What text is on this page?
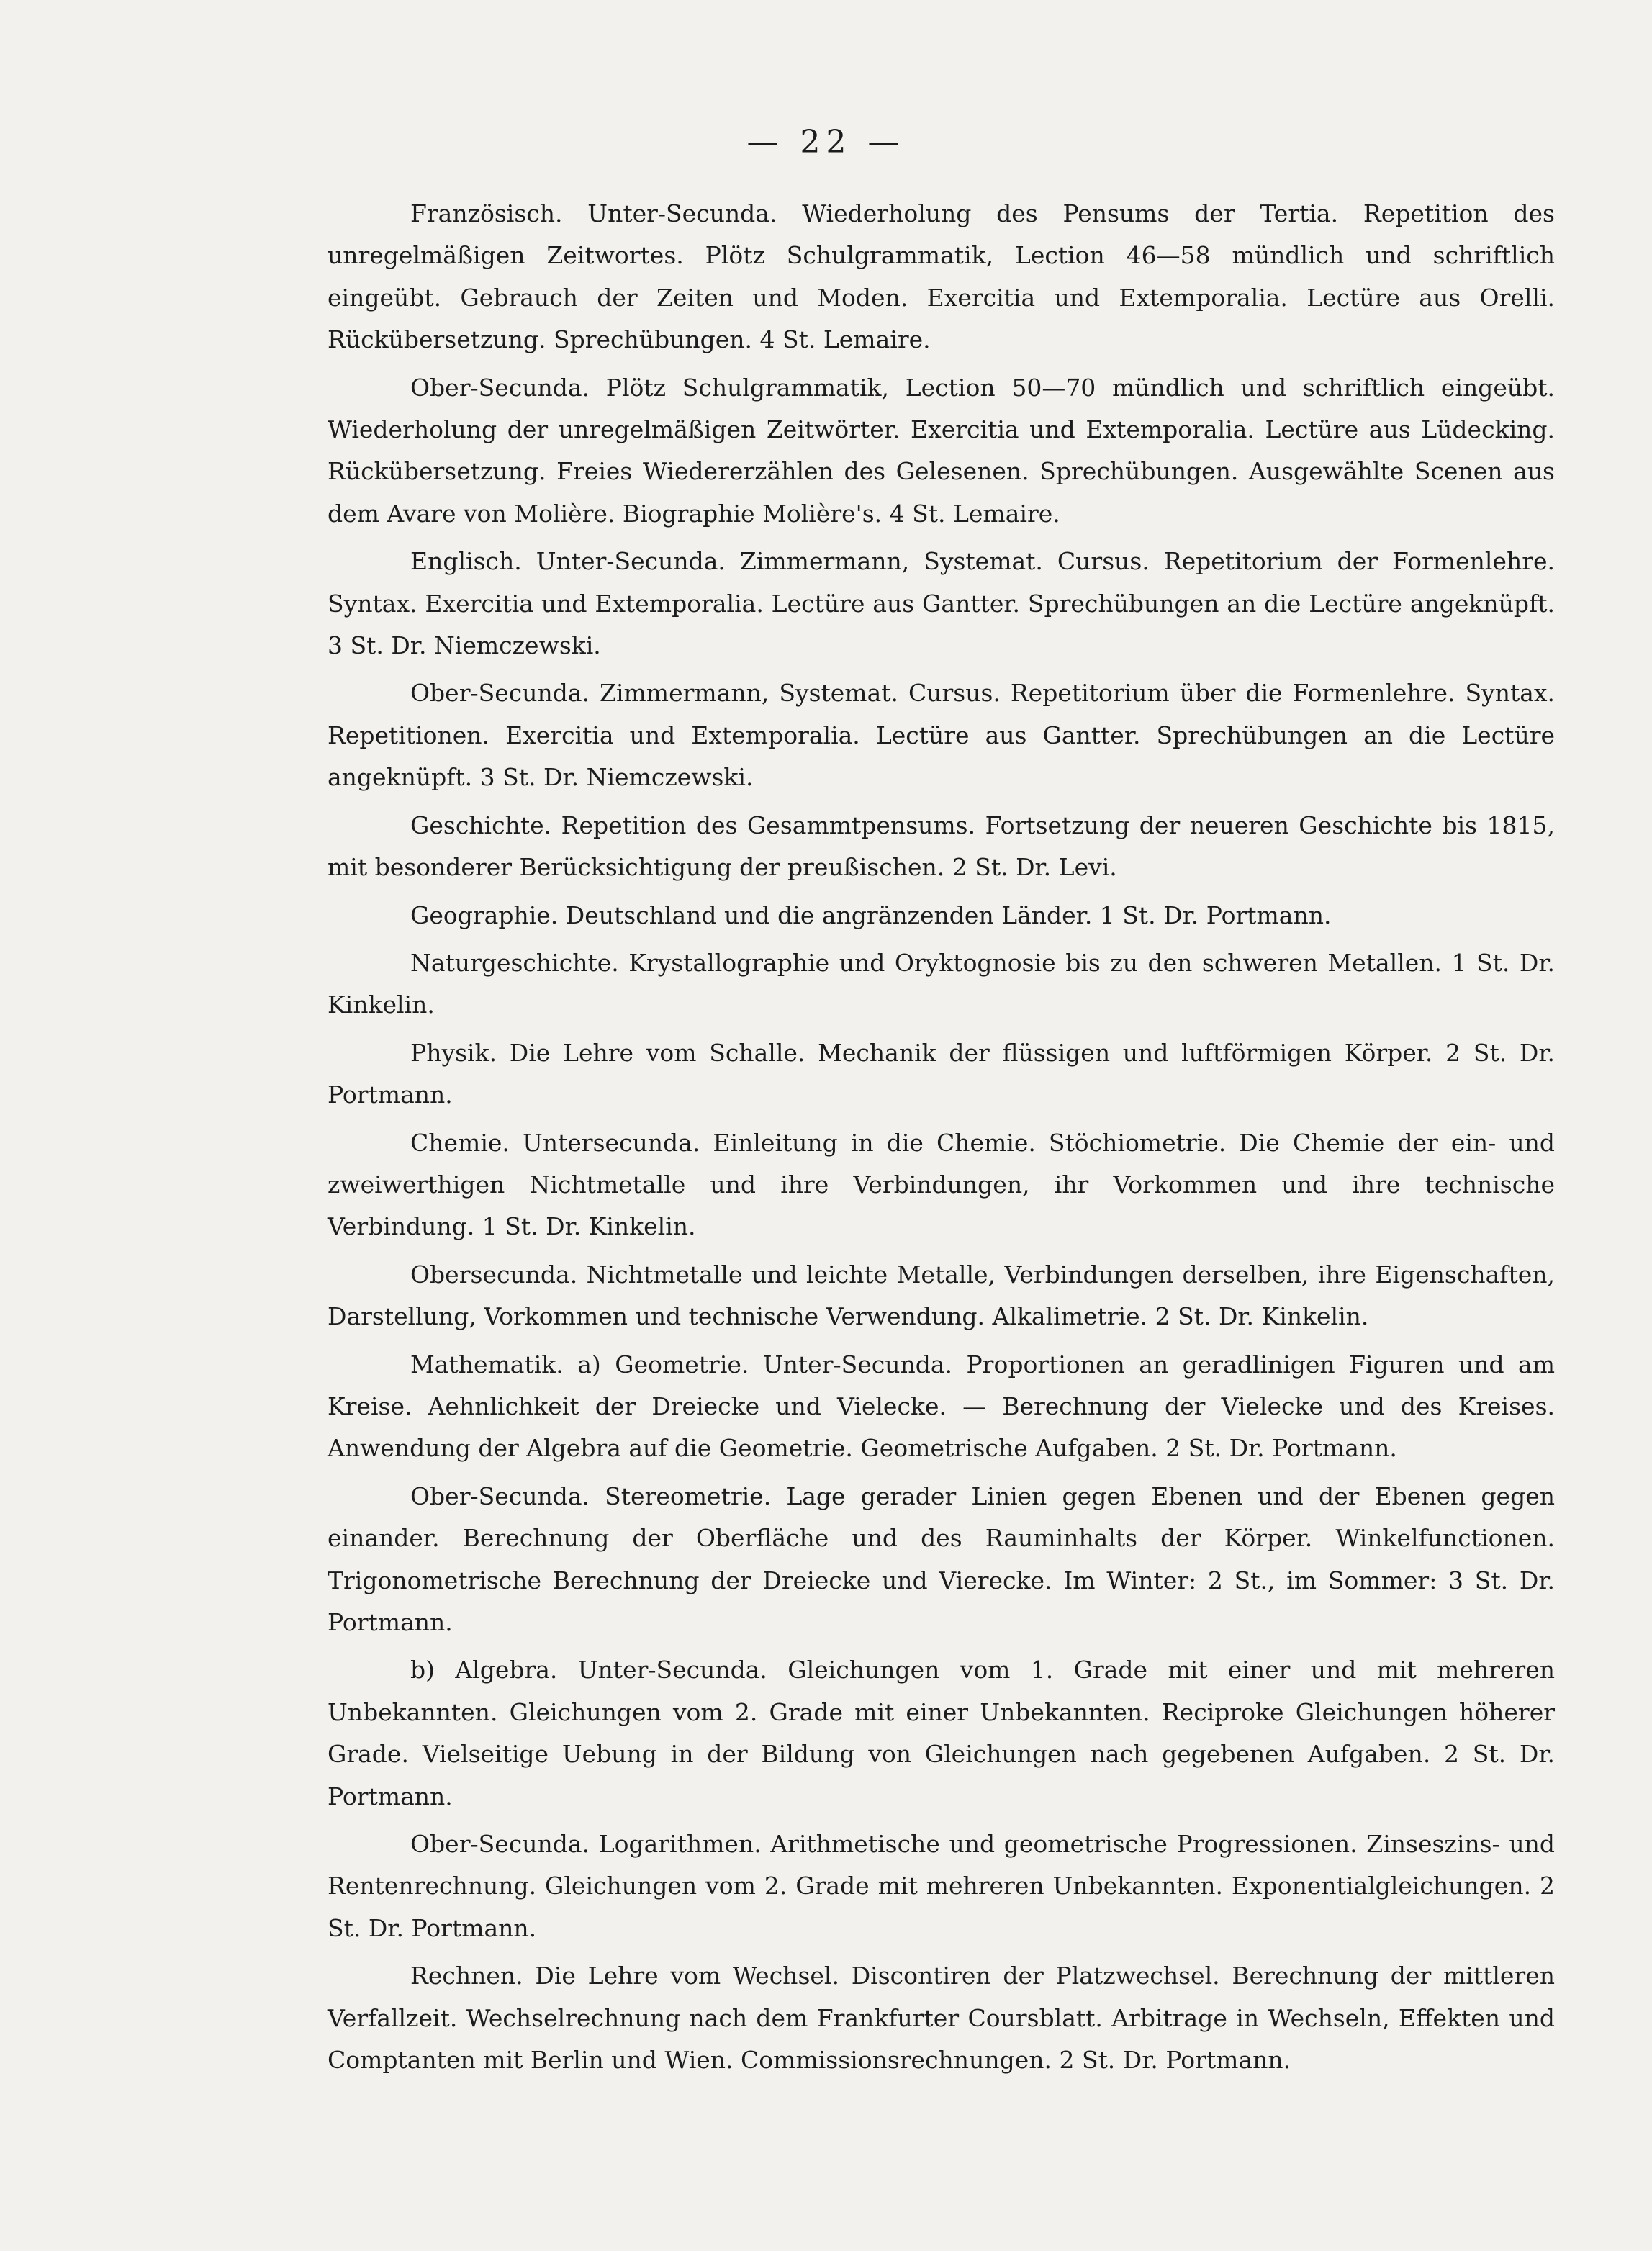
— 22 —

Französisch. Unter-Secunda. Wiederholung des Pensums der Tertia. Repetition des unregelmäßigen Zeitwortes. Plötz Schulgrammatik, Lection 46—58 mündlich und schriftlich eingeübt. Gebrauch der Zeiten und Moden. Exercitia und Extemporalia. Lectüre aus Orelli. Rückübersetzung. Sprechübungen. 4 St. Lemaire.

Ober-Secunda. Plötz Schulgrammatik, Lection 50—70 mündlich und schriftlich eingeübt. Wiederholung der unregelmäßigen Zeitwörter. Exercitia und Extemporalia. Lectüre aus Lüdecking. Rückübersetzung. Freies Wiedererzählen des Gelesenen. Sprechübungen. Ausgewählte Scenen aus dem Avare von Molière. Biographie Molière's. 4 St. Lemaire.

Englisch. Unter-Secunda. Zimmermann, Systemat. Cursus. Repetitorium der Formenlehre. Syntax. Exercitia und Extemporalia. Lectüre aus Gantter. Sprechübungen an die Lectüre angeknüpft. 3 St. Dr. Niemczewski.

Ober-Secunda. Zimmermann, Systemat. Cursus. Repetitorium über die Formenlehre. Syntax. Repetitionen. Exercitia und Extemporalia. Lectüre aus Gantter. Sprechübungen an die Lectüre angeknüpft. 3 St. Dr. Niemczewski.

Geschichte. Repetition des Gesammtpensums. Fortsetzung der neueren Geschichte bis 1815, mit besonderer Berücksichtigung der preußischen. 2 St. Dr. Levi.

Geographie. Deutschland und die angränzenden Länder. 1 St. Dr. Portmann.

Naturgeschichte. Krystallographie und Oryktognosie bis zu den schweren Metallen. 1 St. Dr. Kinkelin.

Physik. Die Lehre vom Schalle. Mechanik der flüssigen und luftförmigen Körper. 2 St. Dr. Portmann.

Chemie. Untersecunda. Einleitung in die Chemie. Stöchiometrie. Die Chemie der ein- und zweiwerthigen Nichtmetalle und ihre Verbindungen, ihr Vorkommen und ihre technische Verbindung. 1 St. Dr. Kinkelin.

Obersecunda. Nichtmetalle und leichte Metalle, Verbindungen derselben, ihre Eigenschaften, Darstellung, Vorkommen und technische Verwendung. Alkalimetrie. 2 St. Dr. Kinkelin.

Mathematik. a) Geometrie. Unter-Secunda. Proportionen an geradlinigen Figuren und am Kreise. Aehnlichkeit der Dreiecke und Vielecke. — Berechnung der Vielecke und des Kreises. Anwendung der Algebra auf die Geometrie. Geometrische Aufgaben. 2 St. Dr. Portmann.

Ober-Secunda. Stereometrie. Lage gerader Linien gegen Ebenen und der Ebenen gegen einander. Berechnung der Oberfläche und des Rauminhalts der Körper. Winkelfunctionen. Trigonometrische Berechnung der Dreiecke und Vierecke. Im Winter: 2 St., im Sommer: 3 St. Dr. Portmann.

b) Algebra. Unter-Secunda. Gleichungen vom 1. Grade mit einer und mit mehreren Unbekannten. Gleichungen vom 2. Grade mit einer Unbekannten. Reciproke Gleichungen höherer Grade. Vielseitige Uebung in der Bildung von Gleichungen nach gegebenen Aufgaben. 2 St. Dr. Portmann.

Ober-Secunda. Logarithmen. Arithmetische und geometrische Progressionen. Zinseszins- und Rentenrechnung. Gleichungen vom 2. Grade mit mehreren Unbekannten. Exponentialgleichungen. 2 St. Dr. Portmann.

Rechnen. Die Lehre vom Wechsel. Discontiren der Platzwechsel. Berechnung der mittleren Verfallzeit. Wechselrechnung nach dem Frankfurter Coursblatt. Arbitrage in Wechseln, Effekten und Comptanten mit Berlin und Wien. Commissionsrechnungen. 2 St. Dr. Portmann.
